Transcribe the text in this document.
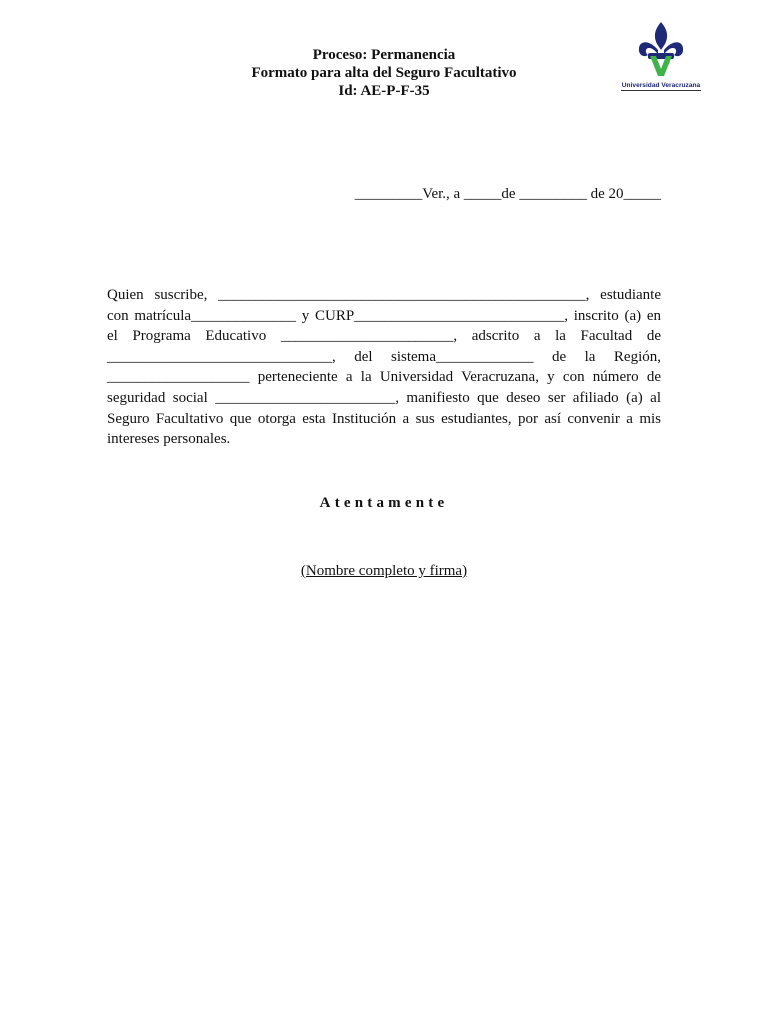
Proceso: Permanencia
Formato para alta del Seguro Facultativo
Id: AE-P-F-35	Universidad Veracruzana
_________Ver., a _____de _________ de 20_____
Quien suscribe, _________________________________________________, estudiante con matrícula______________ y CURP____________________________, inscrito (a) en el Programa Educativo _______________________, adscrito a la Facultad de ______________________________, del sistema_____________ de la Región, ___________________ perteneciente a la Universidad Veracruzana, y con número de seguridad social ________________________, manifiesto que deseo ser afiliado (a) al Seguro Facultativo que otorga esta Institución a sus estudiantes, por así convenir a mis intereses personales.
Atentamente
(Nombre completo y firma)
